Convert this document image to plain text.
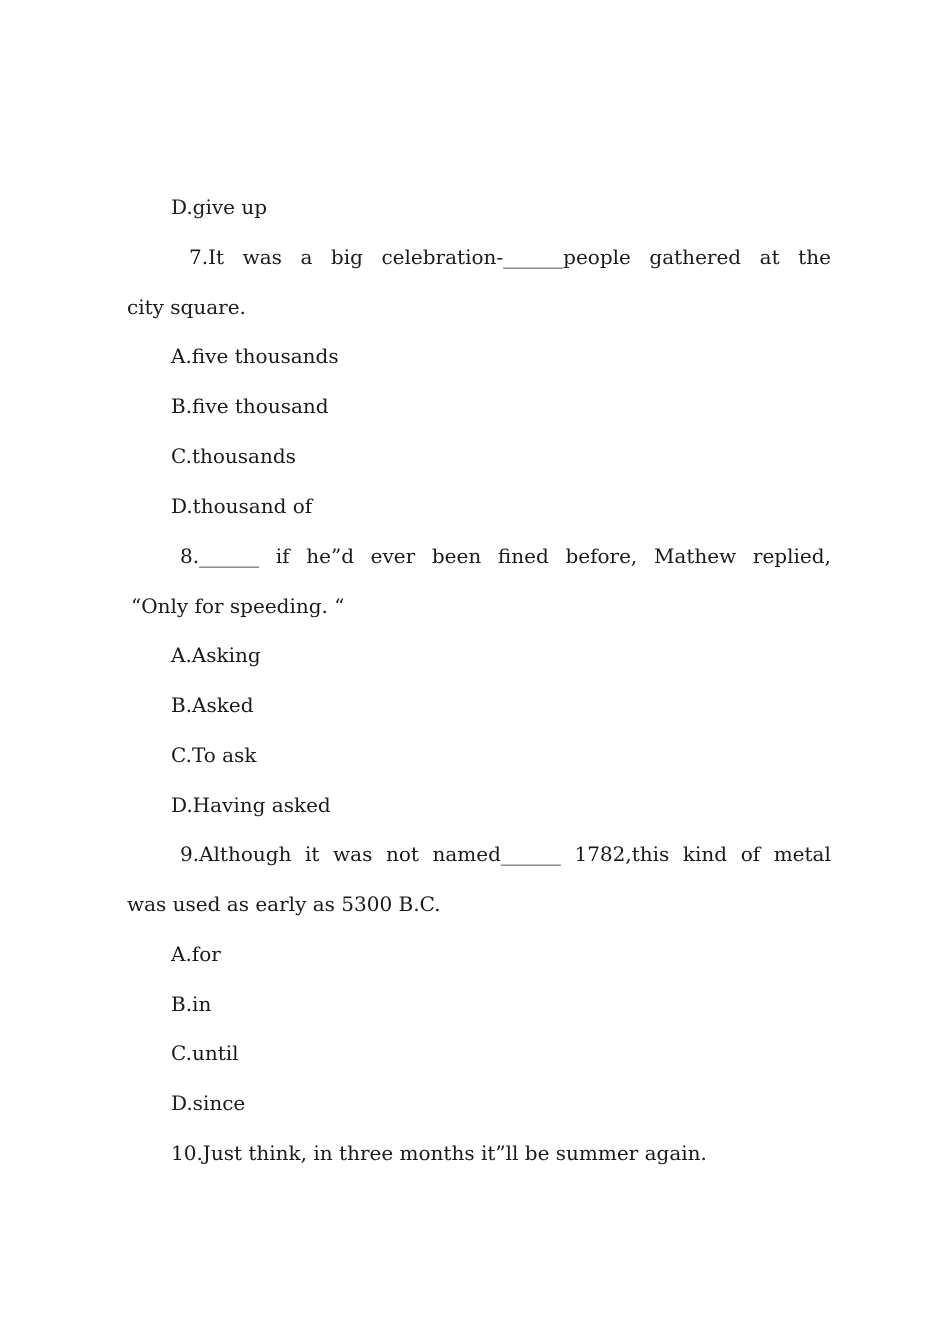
D.give up
7.It was a big celebration-______people gathered at the
city square.
A.five thousands
B.five thousand
C.thousands
D.thousand of
8.______ if he”d ever been fined before, Mathew replied,
“Only for speeding. “
A.Asking
B.Asked
C.To ask
D.Having asked
9.Although it was not named______ 1782,this kind of metal
was used as early as 5300 B.C.
A.for
B.in
C.until
D.since
10.Just think, in three months it”ll be summer again.
